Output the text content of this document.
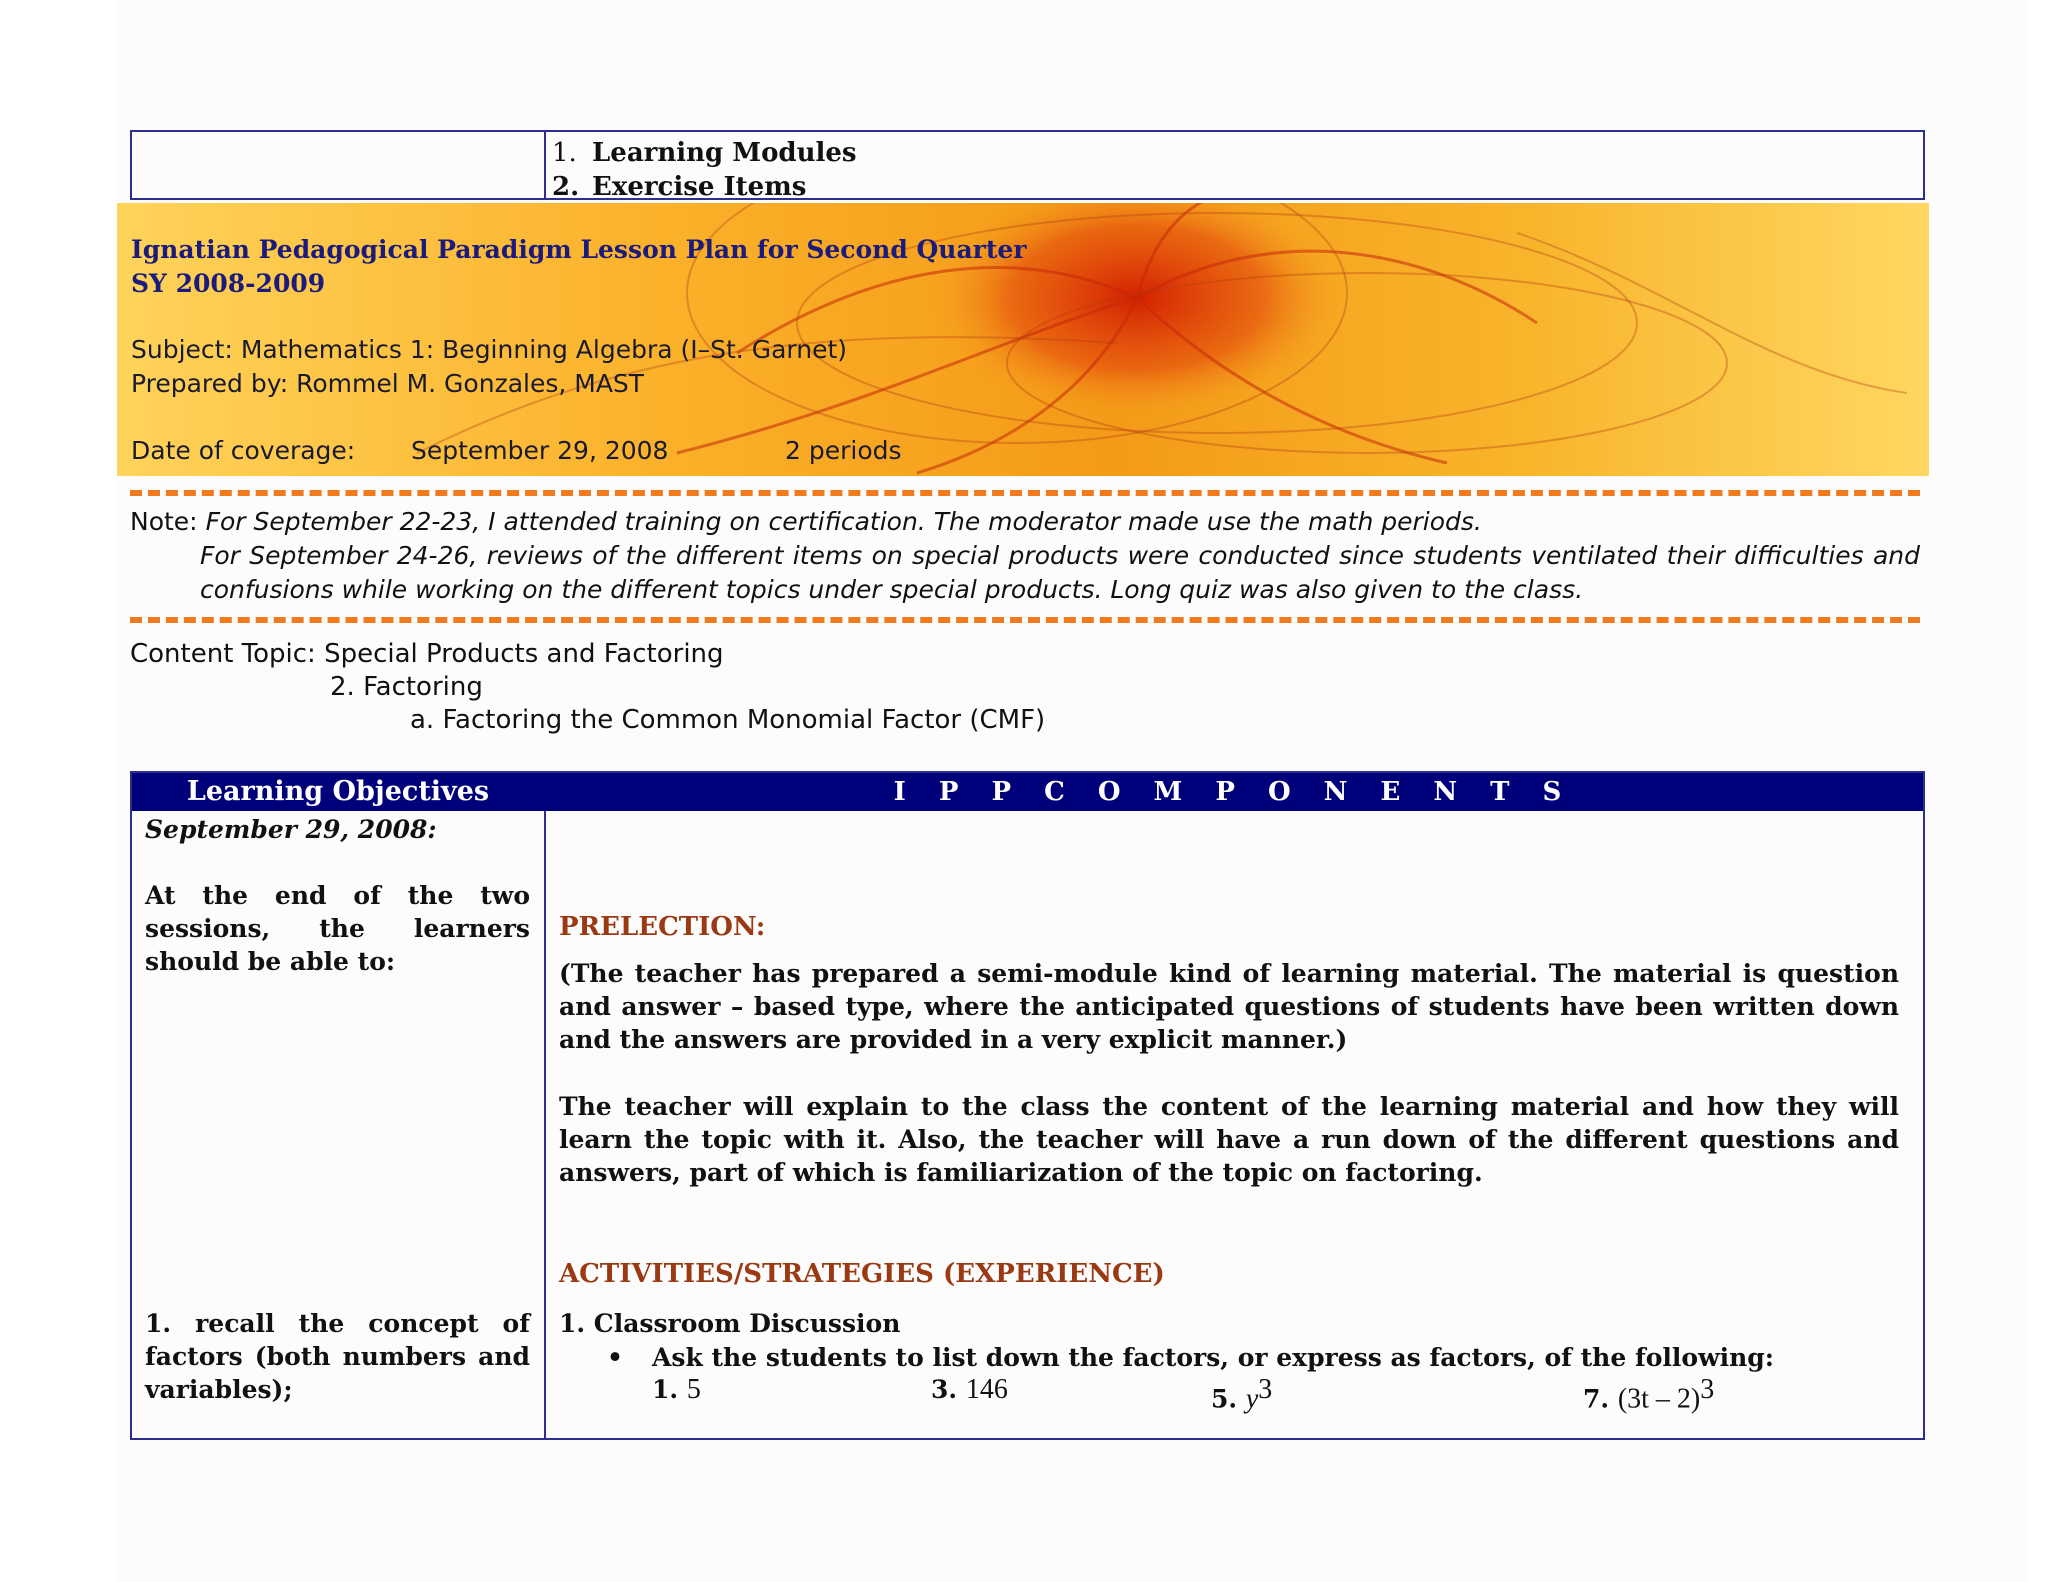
1. Learning Modules
2. Exercise Items
Ignatian Pedagogical Paradigm Lesson Plan for Second Quarter
SY 2008-2009
Subject: Mathematics 1: Beginning Algebra (I–St. Garnet)
Prepared by: Rommel M. Gonzales, MAST
Date of coverage: September 29, 2008	2 periods
Note: For September 22-23, I attended training on certification. The moderator made use the math periods.
For September 24-26, reviews of the different items on special products were conducted since students ventilated their difficulties and confusions while working on the different topics under special products. Long quiz was also given to the class.
Content Topic: Special Products and Factoring
2. Factoring
a. Factoring the Common Monomial Factor (CMF)
Learning Objectives	I P P C O M P O N E N T S
September 29, 2008:
At the end of the two sessions, the learners should be able to:
1. recall the concept of factors (both numbers and variables);
PRELECTION:
(The teacher has prepared a semi-module kind of learning material. The material is question and answer – based type, where the anticipated questions of students have been written down and the answers are provided in a very explicit manner.)
The teacher will explain to the class the content of the learning material and how they will learn the topic with it. Also, the teacher will have a run down of the different questions and answers, part of which is familiarization of the topic on factoring.
ACTIVITIES/STRATEGIES (EXPERIENCE)
1. Classroom Discussion
• Ask the students to list down the factors, or express as factors, of the following:
1. 5	3. 146	5. $y^3$	7. (3t – 2)$^3$
